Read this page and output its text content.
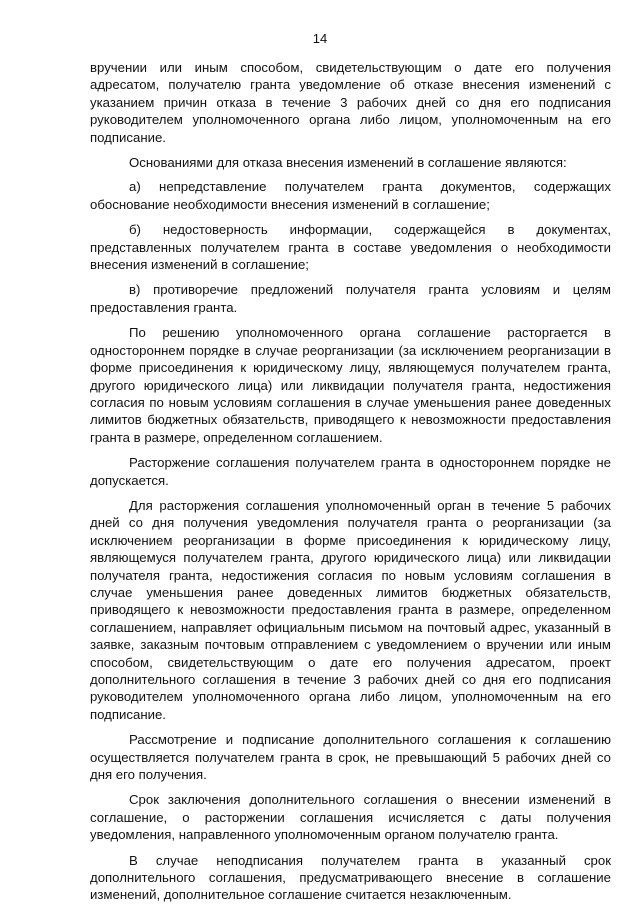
14

вручении или иным способом, свидетельствующим о дате его получения адресатом, получателю гранта уведомление об отказе внесения изменений с указанием причин отказа в течение 3 рабочих дней со дня его подписания руководителем уполномоченного органа либо лицом, уполномоченным на его подписание.

Основаниями для отказа внесения изменений в соглашение являются:

а) непредставление получателем гранта документов, содержащих обоснование необходимости внесения изменений в соглашение;

б) недостоверность информации, содержащейся в документах, представленных получателем гранта в составе уведомления о необходимости внесения изменений в соглашение;

в) противоречие предложений получателя гранта условиям и целям предоставления гранта.

По решению уполномоченного органа соглашение расторгается в одностороннем порядке в случае реорганизации (за исключением реорганизации в форме присоединения к юридическому лицу, являющемуся получателем гранта, другого юридического лица) или ликвидации получателя гранта, недостижения согласия по новым условиям соглашения в случае уменьшения ранее доведенных лимитов бюджетных обязательств, приводящего к невозможности предоставления гранта в размере, определенном соглашением.

Расторжение соглашения получателем гранта в одностороннем порядке не допускается.

Для расторжения соглашения уполномоченный орган в течение 5 рабочих дней со дня получения уведомления получателя гранта о реорганизации (за исключением реорганизации в форме присоединения к юридическому лицу, являющемуся получателем гранта, другого юридического лица) или ликвидации получателя гранта, недостижения согласия по новым условиям соглашения в случае уменьшения ранее доведенных лимитов бюджетных обязательств, приводящего к невозможности предоставления гранта в размере, определенном соглашением, направляет официальным письмом на почтовый адрес, указанный в заявке, заказным почтовым отправлением с уведомлением о вручении или иным способом, свидетельствующим о дате его получения адресатом, проект дополнительного соглашения в течение 3 рабочих дней со дня его подписания руководителем уполномоченного органа либо лицом, уполномоченным на его подписание.

Рассмотрение и подписание дополнительного соглашения к соглашению осуществляется получателем гранта в срок, не превышающий 5 рабочих дней со дня его получения.

Срок заключения дополнительного соглашения о внесении изменений в соглашение, о расторжении соглашения исчисляется с даты получения уведомления, направленного уполномоченным органом получателю гранта.

В случае неподписания получателем гранта в указанный срок дополнительного соглашения, предусматривающего внесение в соглашение изменений, дополнительное соглашение считается незаключенным.
